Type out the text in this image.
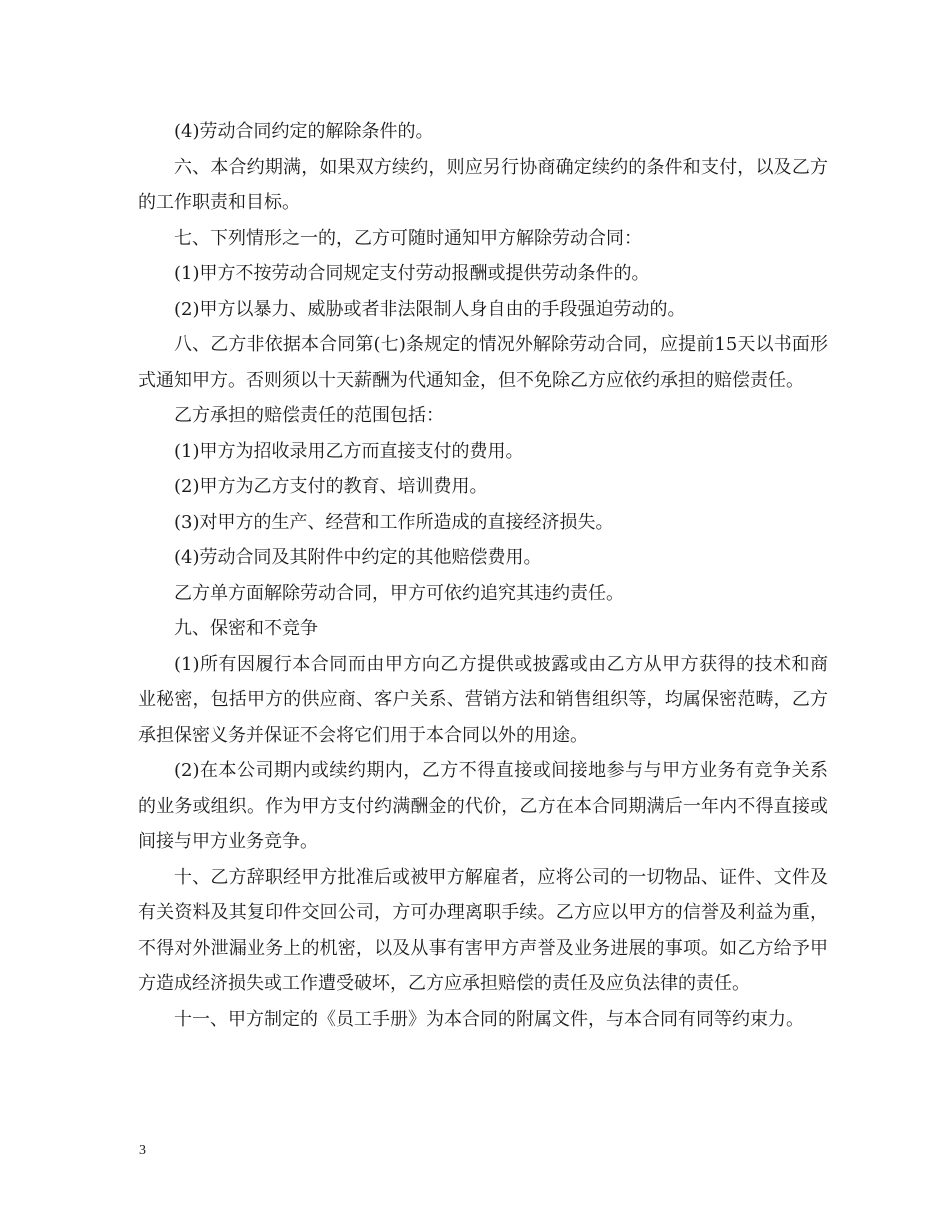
(4)劳动合同约定的解除条件的。

六、本合约期满，如果双方续约，则应另行协商确定续约的条件和支付，以及乙方的工作职责和目标。

七、下列情形之一的，乙方可随时通知甲方解除劳动合同：

(1)甲方不按劳动合同规定支付劳动报酬或提供劳动条件的。

(2)甲方以暴力、威胁或者非法限制人身自由的手段强迫劳动的。

八、乙方非依据本合同第(七)条规定的情况外解除劳动合同，应提前15天以书面形式通知甲方。否则须以十天薪酬为代通知金，但不免除乙方应依约承担的赔偿责任。

乙方承担的赔偿责任的范围包括：

(1)甲方为招收录用乙方而直接支付的费用。

(2)甲方为乙方支付的教育、培训费用。

(3)对甲方的生产、经营和工作所造成的直接经济损失。

(4)劳动合同及其附件中约定的其他赔偿费用。

乙方单方面解除劳动合同，甲方可依约追究其违约责任。

九、保密和不竞争

(1)所有因履行本合同而由甲方向乙方提供或披露或由乙方从甲方获得的技术和商业秘密，包括甲方的供应商、客户关系、营销方法和销售组织等，均属保密范畴，乙方承担保密义务并保证不会将它们用于本合同以外的用途。

(2)在本公司期内或续约期内，乙方不得直接或间接地参与与甲方业务有竞争关系的业务或组织。作为甲方支付约满酬金的代价，乙方在本合同期满后一年内不得直接或间接与甲方业务竞争。

十、乙方辞职经甲方批准后或被甲方解雇者，应将公司的一切物品、证件、文件及有关资料及其复印件交回公司，方可办理离职手续。乙方应以甲方的信誉及利益为重，不得对外泄漏业务上的机密，以及从事有害甲方声誉及业务进展的事项。如乙方给予甲方造成经济损失或工作遭受破坏，乙方应承担赔偿的责任及应负法律的责任。

十一、甲方制定的《员工手册》为本合同的附属文件，与本合同有同等约束力。

3
